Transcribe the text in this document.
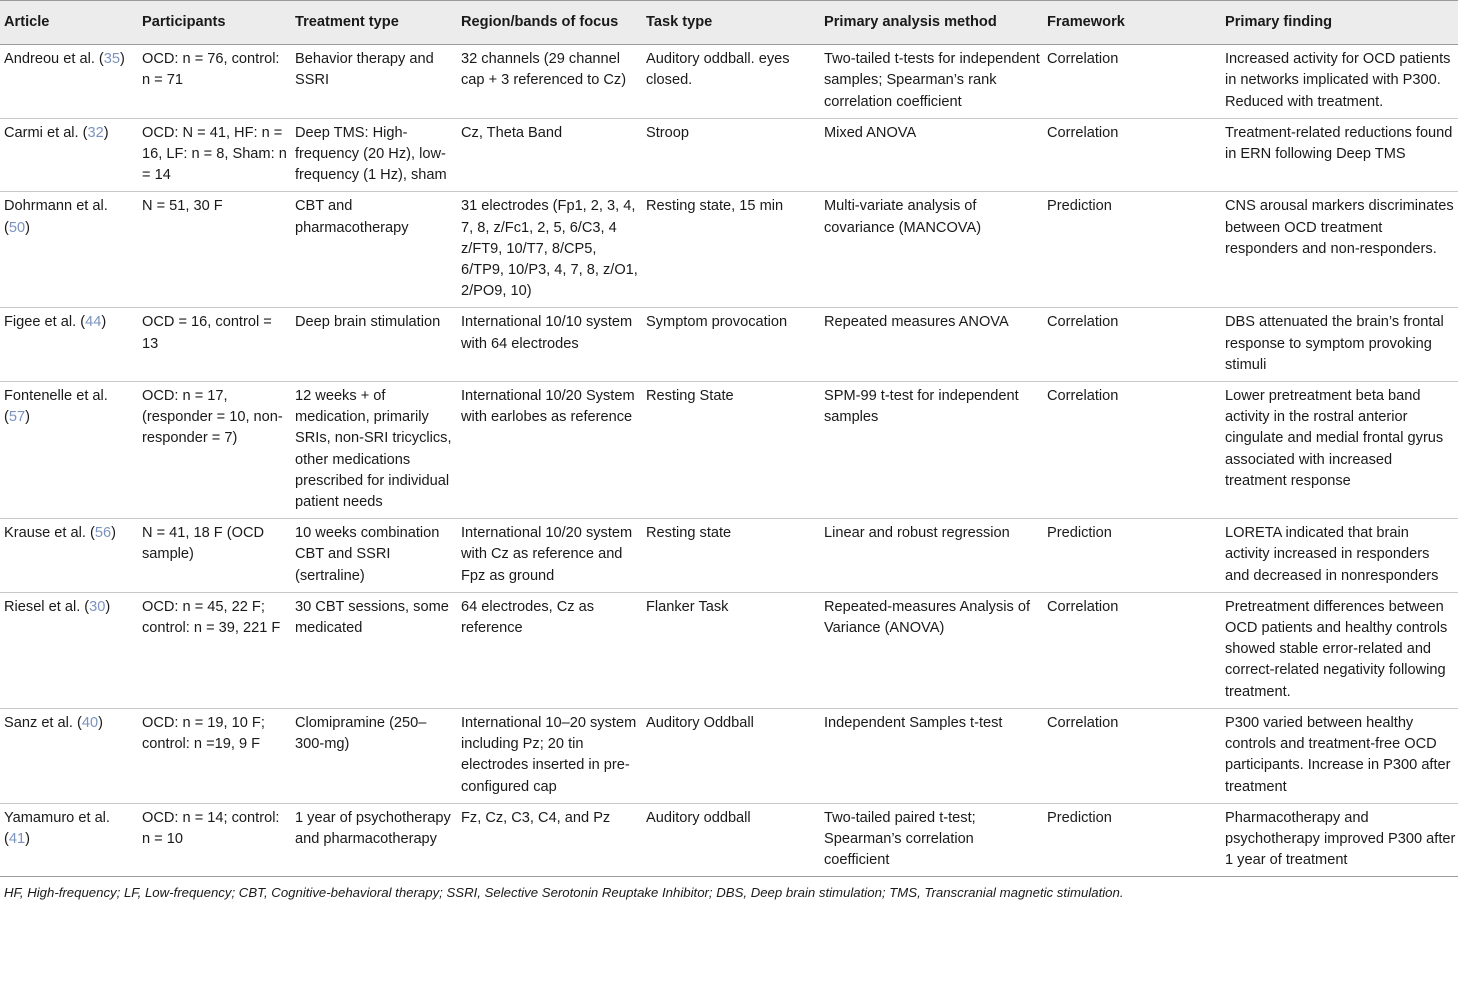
Article	Participants	Treatment type	Region/bands of focus	Task type	Primary analysis method	Framework	Primary finding
Andreou et al. (35)	OCD: n = 76, control: n = 71	Behavior therapy and SSRI	32 channels (29 channel cap + 3 referenced to Cz)	Auditory oddball. eyes closed.	Two-tailed t-tests for independent samples; Spearman’s rank correlation coefficient	Correlation	Increased activity for OCD patients in networks implicated with P300. Reduced with treatment.
Carmi et al. (32)	OCD: N = 41, HF: n = 16, LF: n = 8, Sham: n = 14	Deep TMS: High-frequency (20 Hz), low-frequency (1 Hz), sham	Cz, Theta Band	Stroop	Mixed ANOVA	Correlation	Treatment-related reductions found in ERN following Deep TMS
Dohrmann et al. (50)	N = 51, 30 F	CBT and pharmacotherapy	31 electrodes (Fp1, 2, 3, 4, 7, 8, z/Fc1, 2, 5, 6/C3, 4 z/FT9, 10/T7, 8/CP5, 6/TP9, 10/P3, 4, 7, 8, z/O1, 2/PO9, 10)	Resting state, 15 min	Multi-variate analysis of covariance (MANCOVA)	Prediction	CNS arousal markers discriminates between OCD treatment responders and non-responders.
Figee et al. (44)	OCD = 16, control = 13	Deep brain stimulation	International 10/10 system with 64 electrodes	Symptom provocation	Repeated measures ANOVA	Correlation	DBS attenuated the brain’s frontal response to symptom provoking stimuli
Fontenelle et al. (57)	OCD: n = 17, (responder = 10, non-responder = 7)	12 weeks + of medication, primarily SRIs, non-SRI tricyclics, other medications prescribed for individual patient needs	International 10/20 System with earlobes as reference	Resting State	SPM-99 t-test for independent samples	Correlation	Lower pretreatment beta band activity in the rostral anterior cingulate and medial frontal gyrus associated with increased treatment response
Krause et al. (56)	N = 41, 18 F (OCD sample)	10 weeks combination CBT and SSRI (sertraline)	International 10/20 system with Cz as reference and Fpz as ground	Resting state	Linear and robust regression	Prediction	LORETA indicated that brain activity increased in responders and decreased in nonresponders
Riesel et al. (30)	OCD: n = 45, 22 F; control: n = 39, 221 F	30 CBT sessions, some medicated	64 electrodes, Cz as reference	Flanker Task	Repeated-measures Analysis of Variance (ANOVA)	Correlation	Pretreatment differences between OCD patients and healthy controls showed stable error-related and correct-related negativity following treatment.
Sanz et al. (40)	OCD: n = 19, 10 F; control: n =19, 9 F	Clomipramine (250–300-mg)	International 10–20 system including Pz; 20 tin electrodes inserted in pre-configured cap	Auditory Oddball	Independent Samples t-test	Correlation	P300 varied between healthy controls and treatment-free OCD participants. Increase in P300 after treatment
Yamamuro et al. (41)	OCD: n = 14; control: n = 10	1 year of psychotherapy and pharmacotherapy	Fz, Cz, C3, C4, and Pz	Auditory oddball	Two-tailed paired t-test; Spearman’s correlation coefficient	Prediction	Pharmacotherapy and psychotherapy improved P300 after 1 year of treatment
HF, High-frequency; LF, Low-frequency; CBT, Cognitive-behavioral therapy; SSRI, Selective Serotonin Reuptake Inhibitor; DBS, Deep brain stimulation; TMS, Transcranial magnetic stimulation.
